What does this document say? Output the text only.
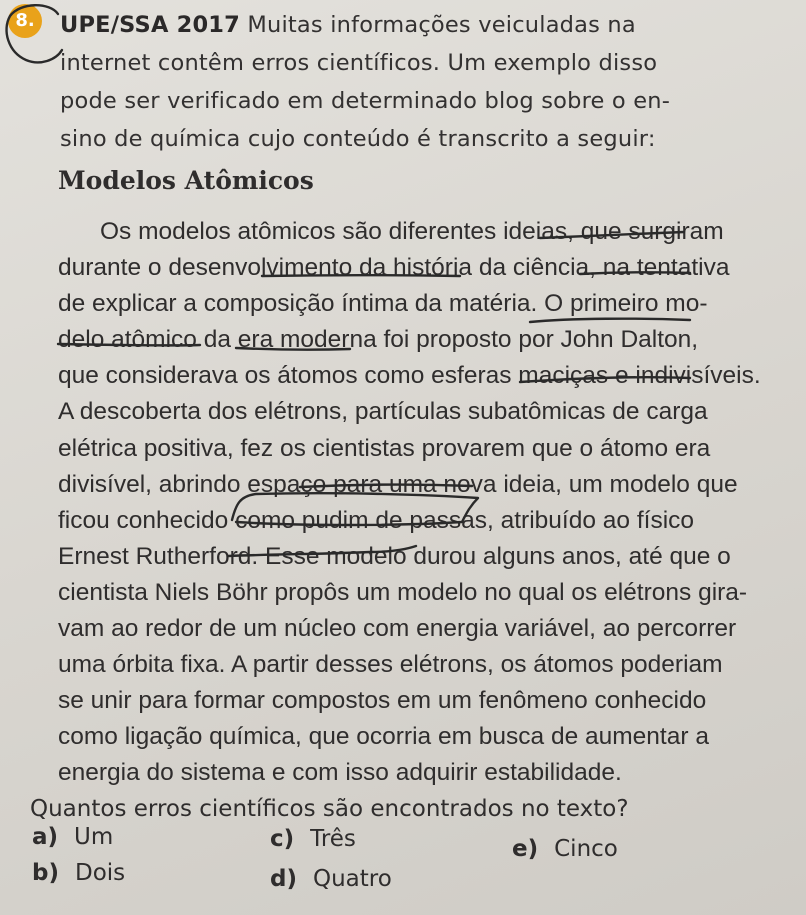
8.	UPE/SSA 2017 Muitas informações veiculadas na
internet contêm erros científicos. Um exemplo disso
pode ser verificado em determinado blog sobre o en-
sino de química cujo conteúdo é transcrito a seguir:
Modelos Atômicos
Os modelos atômicos são diferentes ideias, que surgiram
durante o desenvolvimento da história da ciência, na tentativa
de explicar a composição íntima da matéria. O primeiro mo-
delo atômico da era moderna foi proposto por John Dalton,
que considerava os átomos como esferas maciças e indivisíveis.
A descoberta dos elétrons, partículas subatômicas de carga
elétrica positiva, fez os cientistas provarem que o átomo era
divisível, abrindo espaço para uma nova ideia, um modelo que
ficou conhecido como pudim de passas, atribuído ao físico
Ernest Rutherford. Esse modelo durou alguns anos, até que o
cientista Niels Böhr propôs um modelo no qual os elétrons gira-
vam ao redor de um núcleo com energia variável, ao percorrer
uma órbita fixa. A partir desses elétrons, os átomos poderiam
se unir para formar compostos em um fenômeno conhecido
como ligação química, que ocorria em busca de aumentar a
energia do sistema e com isso adquirir estabilidade.
Quantos erros científicos são encontrados no texto?
a) Um
b) Dois
c) Três
d) Quatro
e) Cinco
